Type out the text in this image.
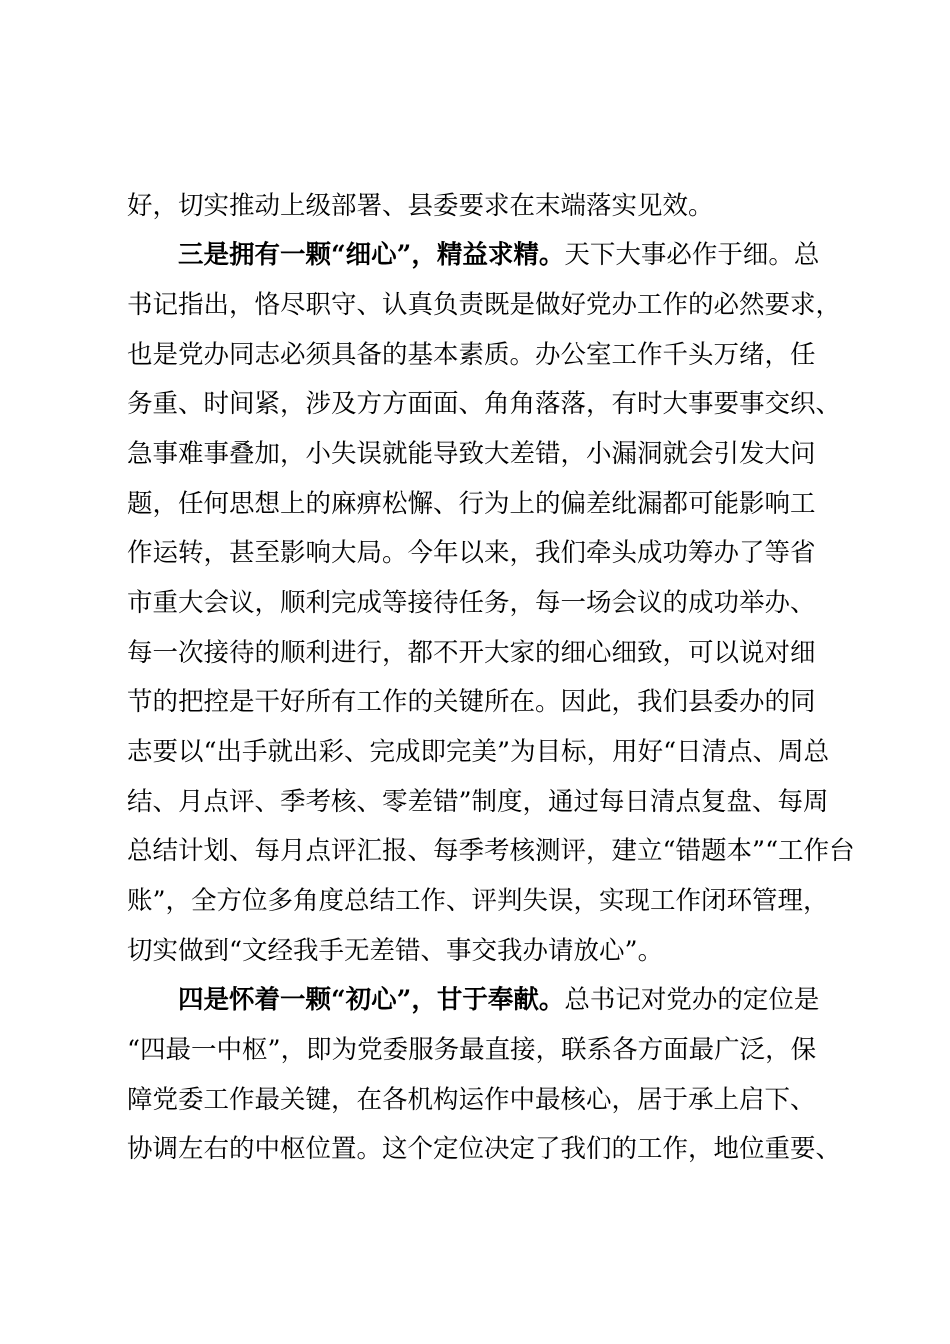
好，切实推动上级部署、县委要求在末端落实见效。
三是拥有一颗“细心”，精益求精。天下大事必作于细。总
书记指出，恪尽职守、认真负责既是做好党办工作的必然要求，
也是党办同志必须具备的基本素质。办公室工作千头万绪，任
务重、时间紧，涉及方方面面、角角落落，有时大事要事交织、
急事难事叠加，小失误就能导致大差错，小漏洞就会引发大问
题，任何思想上的麻痹松懈、行为上的偏差纰漏都可能影响工
作运转，甚至影响大局。今年以来，我们牵头成功筹办了等省
市重大会议，顺利完成等接待任务，每一场会议的成功举办、
每一次接待的顺利进行，都不开大家的细心细致，可以说对细
节的把控是干好所有工作的关键所在。因此，我们县委办的同
志要以“出手就出彩、完成即完美”为目标，用好“日清点、周总
结、月点评、季考核、零差错”制度，通过每日清点复盘、每周
总结计划、每月点评汇报、每季考核测评，建立“错题本”“工作台
账”，全方位多角度总结工作、评判失误，实现工作闭环管理，
切实做到“文经我手无差错、事交我办请放心”。
四是怀着一颗“初心”，甘于奉献。总书记对党办的定位是
“四最一中枢”，即为党委服务最直接，联系各方面最广泛，保
障党委工作最关键，在各机构运作中最核心，居于承上启下、
协调左右的中枢位置。这个定位决定了我们的工作，地位重要、
